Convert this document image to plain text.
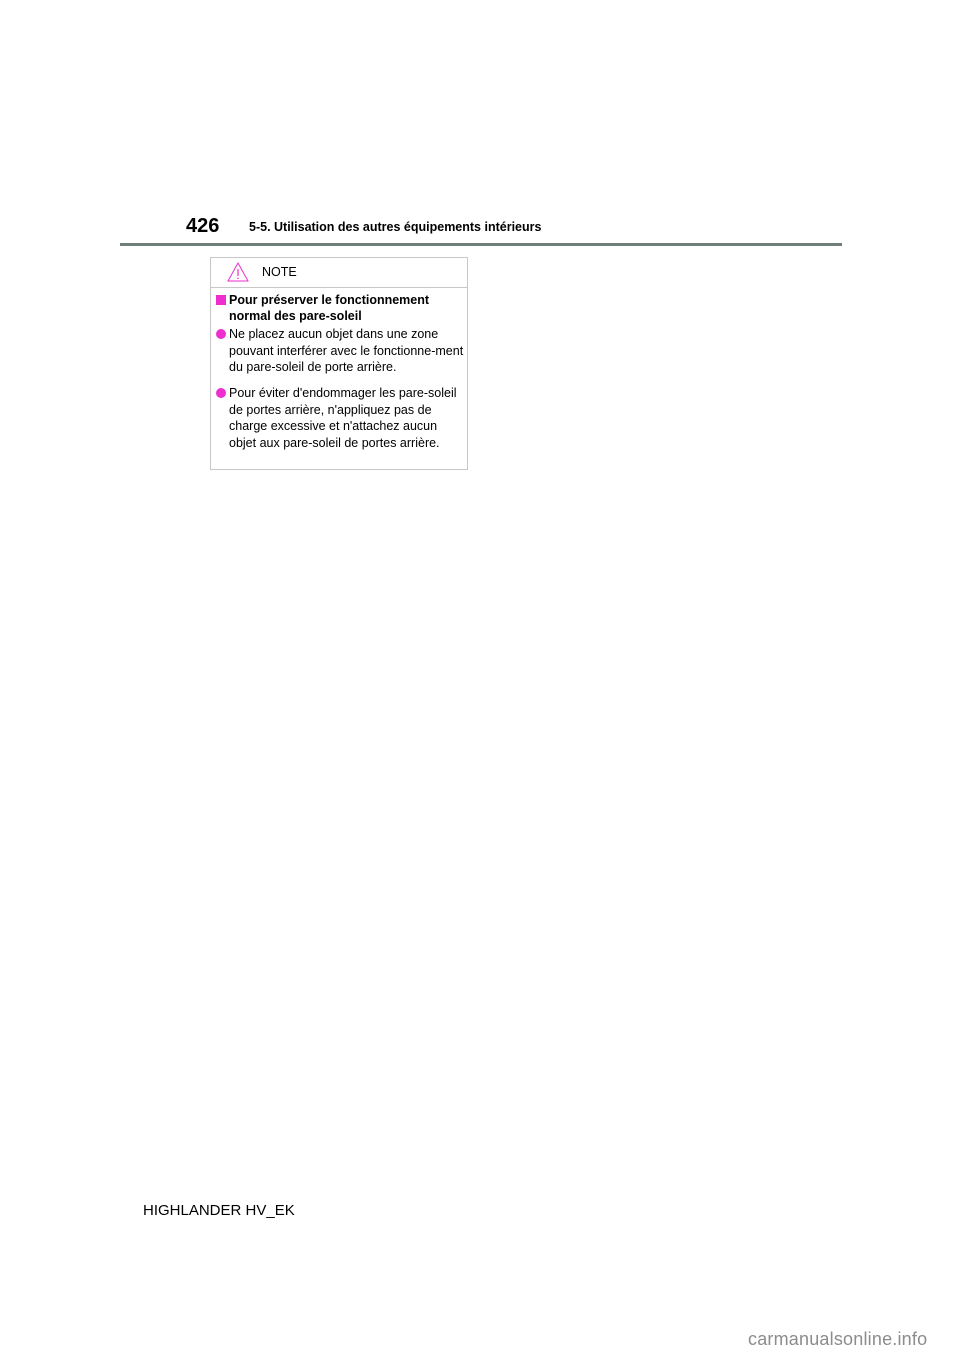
426 5-5. Utilisation des autres équipements intérieurs
NOTE
Pour préserver le fonctionnement normal des pare-soleil
Ne placez aucun objet dans une zone pouvant interférer avec le fonctionne-ment du pare-soleil de porte arrière.
Pour éviter d'endommager les pare-soleil de portes arrière, n'appliquez pas de charge excessive et n'attachez aucun objet aux pare-soleil de portes arrière.
HIGHLANDER HV_EK
carmanualsonline.info
